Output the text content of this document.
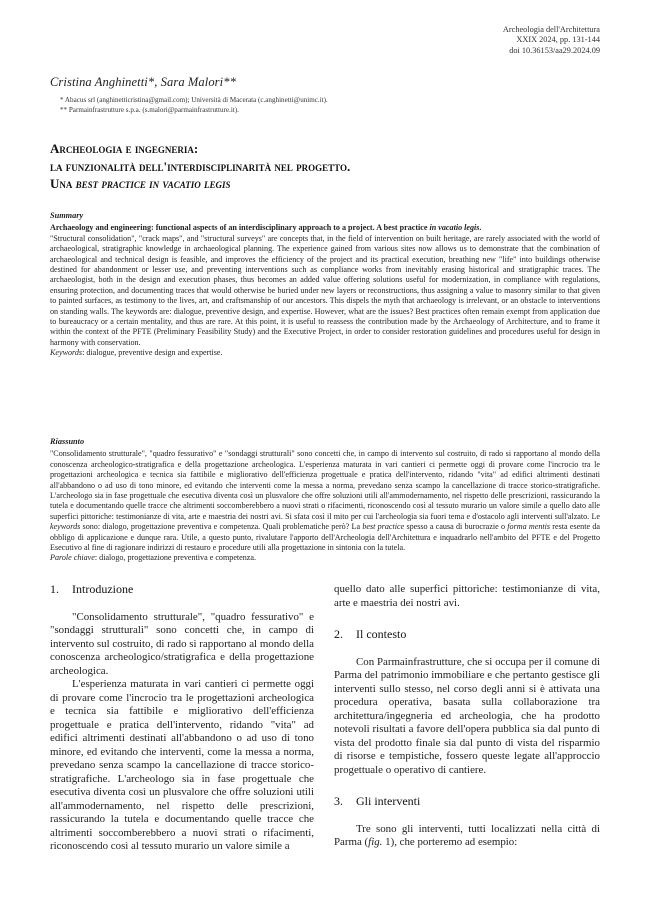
Archeologia dell'Architettura
XXIX 2024, pp. 131-144
doi 10.36153/aa29.2024.09
Cristina Anghinetti*, Sara Malori**
* Abacus srl (anghinetticristina@gmail.com); Università di Macerata (c.anghinetti@unimc.it).
** Parmainfrastrutture s.p.a. (s.malori@parmainfrastrutture.it).
Archeologia e ingegneria:
la funzionalità dell'interdisciplinarità nel progetto.
Una best practice in vacatio legis
Summary

Archaeology and engineering: functional aspects of an interdisciplinary approach to a project. A best practice in vacatio legis.

"Structural consolidation", "crack maps", and "structural surveys" are concepts that, in the field of intervention on built heritage, are rarely associated with the world of archaeological, stratigraphic knowledge in archaeological planning. The experience gained from various sites now allows us to demonstrate that the combination of archaeological and technical design is feasible, and improves the efficiency of the project and its practical execution, breathing new "life" into buildings otherwise destined for abandonment or lesser use, and preventing interventions such as compliance works from inevitably erasing historical and stratigraphic traces. The archaeologist, both in the design and execution phases, thus becomes an added value offering solutions useful for modernization, in compliance with regulations, ensuring protection, and documenting traces that would otherwise be buried under new layers or reconstructions, thus assigning a value to masonry similar to that given to painted surfaces, as testimony to the lives, art, and craftsmanship of our ancestors. This dispels the myth that archaeology is irrelevant, or an obstacle to interventions on standing walls. The keywords are: dialogue, preventive design, and expertise. However, what are the issues? Best practices often remain exempt from application due to bureaucracy or a certain mentality, and thus are rare. At this point, it is useful to reassess the contribution made by the Archaeology of Architecture, and to frame it within the context of the PFTE (Preliminary Feasibility Study) and the Executive Project, in order to consider restoration guidelines and procedures useful for design in harmony with conservation.

Keywords: dialogue, preventive design and expertise.

Riassunto

"Consolidamento strutturale", "quadro fessurativo" e "sondaggi strutturali" sono concetti che, in campo di intervento sul costruito, di rado si rapportano al mondo della conoscenza archeologico-stratigrafica e della progettazione archeologica. L'esperienza maturata in vari cantieri ci permette oggi di provare come l'incrocio tra le progettazioni archeologica e tecnica sia fattibile e migliorativo dell'efficienza progettuale e pratica dell'intervento, ridando "vita" ad edifici altrimenti destinati all'abbandono o ad uso di tono minore, ed evitando che interventi come la messa a norma, prevedano senza scampo la cancellazione di tracce storico-stratigrafiche. L'archeologo sia in fase progettuale che esecutiva diventa così un plusvalore che offre soluzioni utili all'ammodernamento, nel rispetto delle prescrizioni, rassicurando la tutela e documentando quelle tracce che altrimenti soccomberebbero a nuovi strati o rifacimenti, riconoscendo così al tessuto murario un valore simile a quello dato alle superfici pittoriche: testimonianze di vita, arte e maestria dei nostri avi. Si sfata così il mito per cui l'archeologia sia fuori tema e d'ostacolo agli interventi sull'alzato. Le keywords sono: dialogo, progettazione preventiva e competenza. Quali problematiche però? La best practice spesso a causa di burocrazie o forma mentis resta esente da obbligo di applicazione e dunque rara. Utile, a questo punto, rivalutare l'apporto dell'Archeologia dell'Architettura e inquadrarlo nell'ambito del PFTE e del Progetto Esecutivo al fine di ragionare indirizzi di restauro e procedure utili alla progettazione in sintonia con la tutela.

Parole chiave: dialogo, progettazione preventiva e competenza.

1. Introduzione

"Consolidamento strutturale", "quadro fessurativo" e "sondaggi strutturali" sono concetti che, in campo di intervento sul costruito, di rado si rapportano al mondo della conoscenza archeologico/stratigrafica e della progettazione archeologica.

L'esperienza maturata in vari cantieri ci permette oggi di provare come l'incrocio tra le progettazioni archeologica e tecnica sia fattibile e migliorativo dell'efficienza progettuale e pratica dell'intervento, ridando "vita" ad edifici altrimenti destinati all'abbandono o ad uso di tono minore, ed evitando che interventi, come la messa a norma, prevedano senza scampo la cancellazione di tracce storico-stratigrafiche. L'archeologo sia in fase progettuale che esecutiva diventa così un plusvalore che offre soluzioni utili all'ammodernamento, nel rispetto delle prescrizioni, rassicurando la tutela e documentando quelle tracce che altrimenti soccomberebbero a nuovi strati o rifacimenti, riconoscendo così al tessuto murario un valore simile a

quello dato alle superfici pittoriche: testimonianze di vita, arte e maestria dei nostri avi.

2. Il contesto

Con Parmainfrastrutture, che si occupa per il comune di Parma del patrimonio immobiliare e che pertanto gestisce gli interventi sullo stesso, nel corso degli anni si è attivata una procedura operativa, basata sulla collaborazione tra architettura/ingegneria ed archeologia, che ha prodotto notevoli risultati a favore dell'opera pubblica sia dal punto di vista del prodotto finale sia dal punto di vista del risparmio di risorse e tempistiche, fossero queste legate all'approccio progettuale o operativo di cantiere.

3. Gli interventi

Tre sono gli interventi, tutti localizzati nella città di Parma (fig. 1), che porteremo ad esempio:
